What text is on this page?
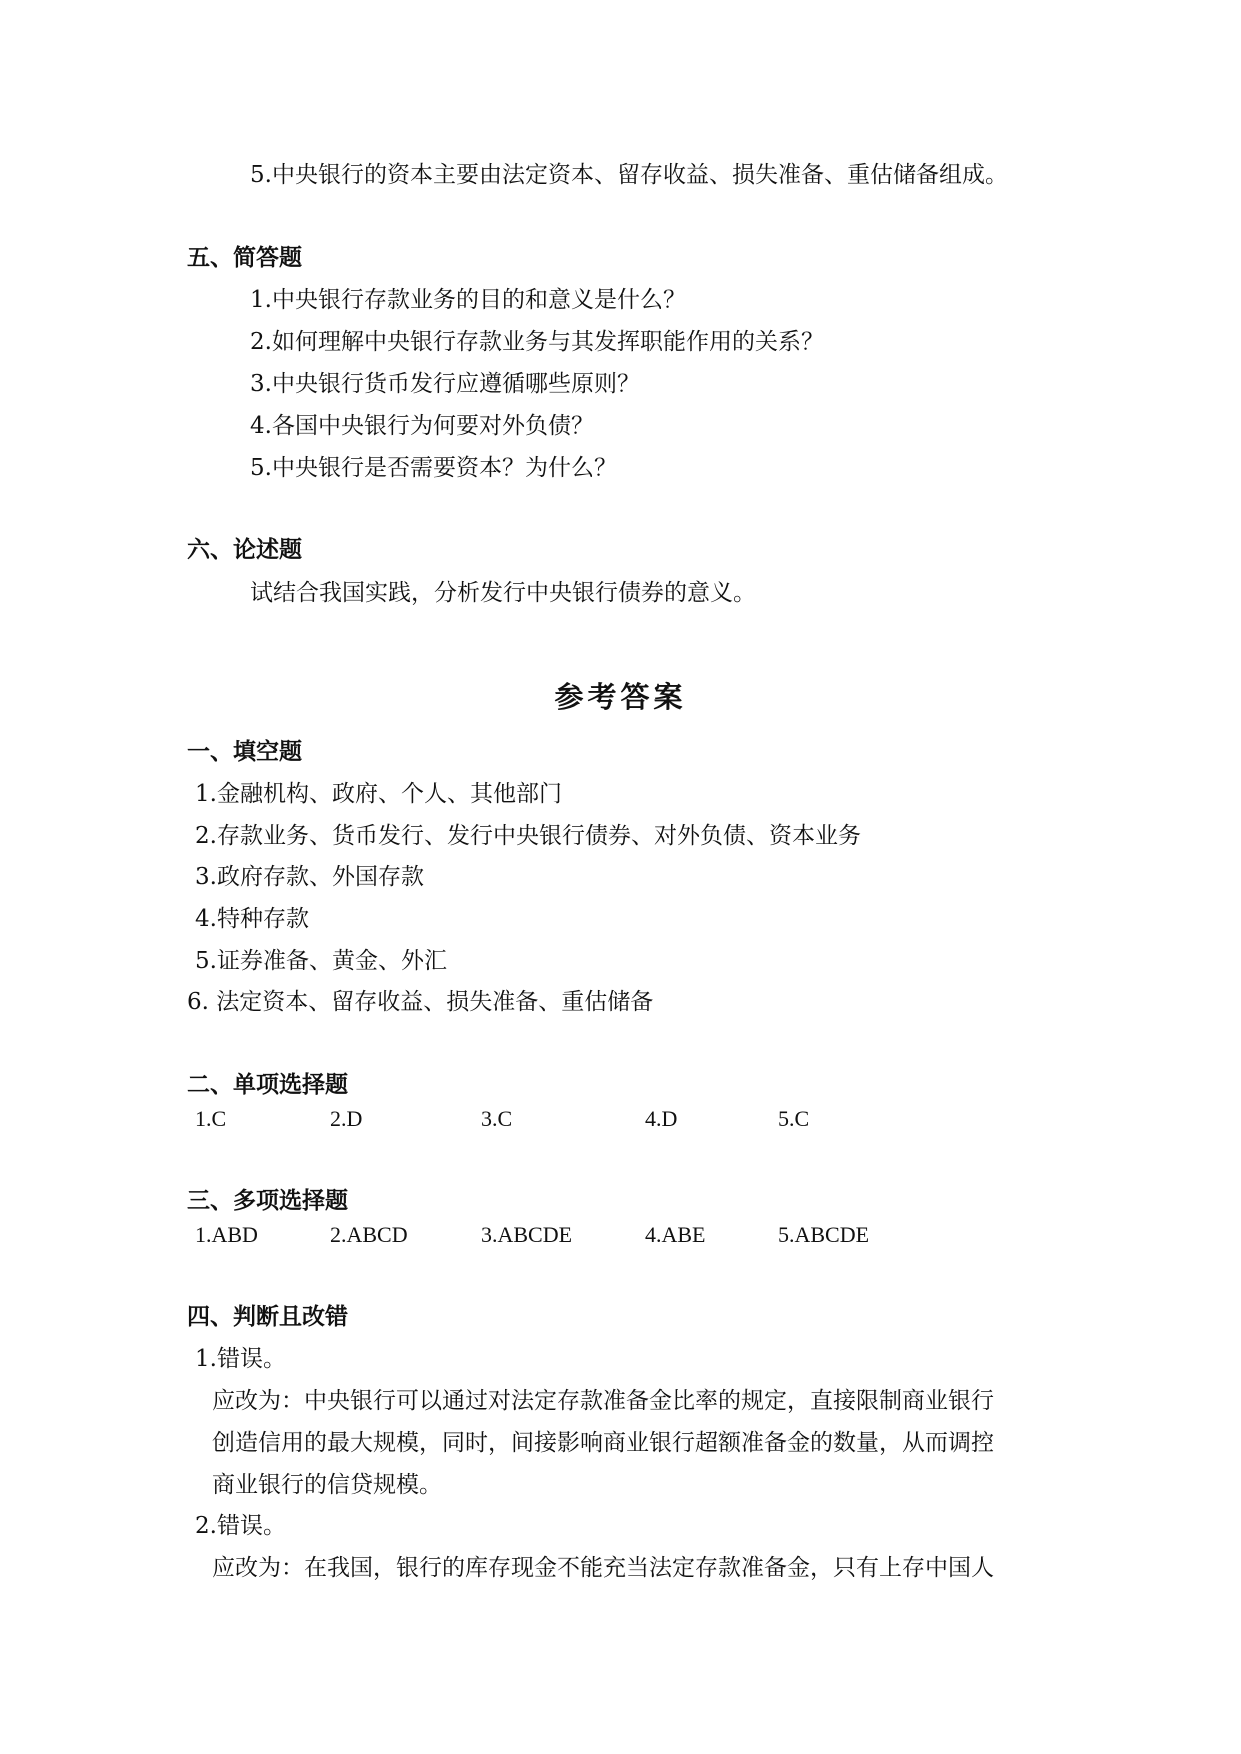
5.中央银行的资本主要由法定资本、留存收益、损失准备、重估储备组成。
五、简答题
1.中央银行存款业务的目的和意义是什么？
2.如何理解中央银行存款业务与其发挥职能作用的关系？
3.中央银行货币发行应遵循哪些原则？
4.各国中央银行为何要对外负债？
5.中央银行是否需要资本？为什么？
六、论述题
试结合我国实践，分析发行中央银行债券的意义。
参考答案
一、填空题
1.金融机构、政府、个人、其他部门
2.存款业务、货币发行、发行中央银行债券、对外负债、资本业务
3.政府存款、外国存款
4.特种存款
5.证券准备、黄金、外汇
6. 法定资本、留存收益、损失准备、重估储备
二、单项选择题
1.C	2.D	3.C	4.D	5.C
三、多项选择题
1.ABD	2.ABCD	3.ABCDE	4.ABE	5.ABCDE
四、判断且改错
1.错误。
应改为：中央银行可以通过对法定存款准备金比率的规定，直接限制商业银行
创造信用的最大规模，同时，间接影响商业银行超额准备金的数量，从而调控
商业银行的信贷规模。
2.错误。
应改为：在我国，银行的库存现金不能充当法定存款准备金，只有上存中国人
